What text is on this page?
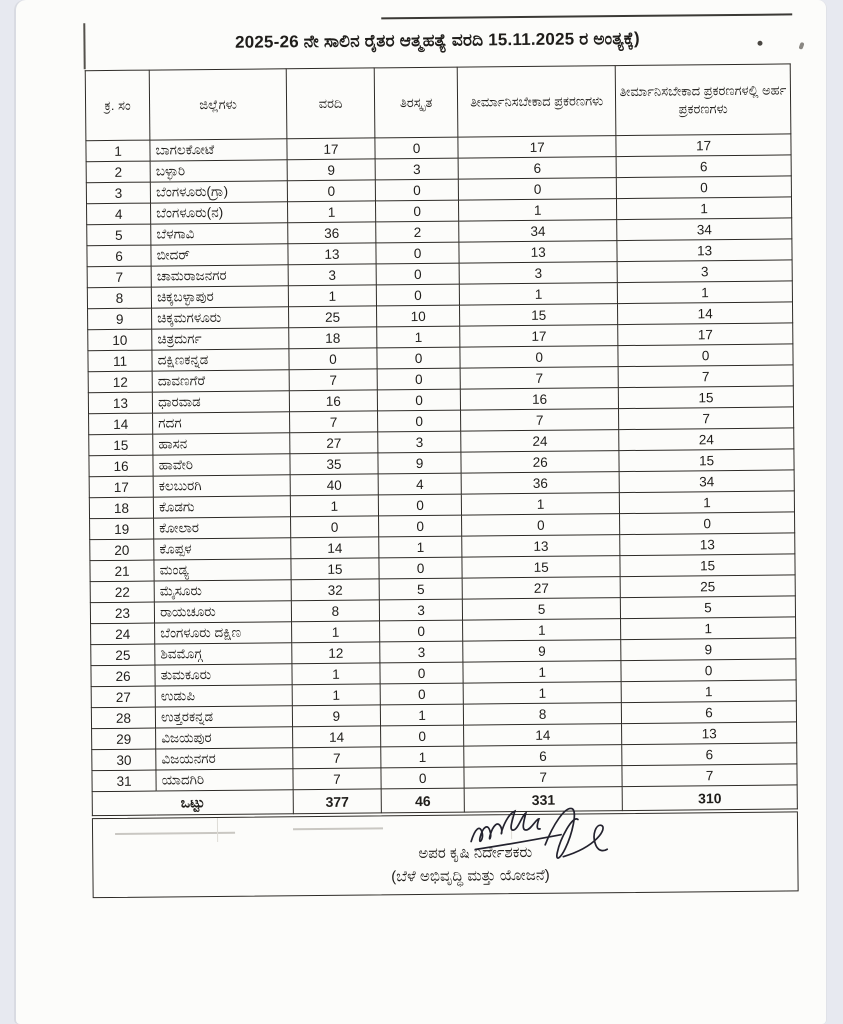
2025-26 ನೇ ಸಾಲಿನ ರೈತರ ಆತ್ಮಹತ್ಯೆ ವರದಿ 15.11.2025 ರ ಅಂತ್ಯಕ್ಕೆ)
ಕ್ರ. ಸಂ	ಜಿಲ್ಲೆಗಳು	ವರದಿ	ತಿರಸ್ಕೃತ	ತೀರ್ಮಾನಿಸಬೇಕಾದ ಪ್ರಕರಣಗಳು	ತೀರ್ಮಾನಿಸಬೇಕಾದ ಪ್ರಕರಣಗಳಲ್ಲಿ ಅರ್ಹ ಪ್ರಕರಣಗಳು
1	ಬಾಗಲಕೋಟೆ	17	0	17	17
2	ಬಳ್ಳಾರಿ	9	3	6	6
3	ಬೆಂಗಳೂರು(ಗ್ರಾ)	0	0	0	0
4	ಬೆಂಗಳೂರು(ನ)	1	0	1	1
5	ಬೆಳಗಾವಿ	36	2	34	34
6	ಬೀದರ್	13	0	13	13
7	ಚಾಮರಾಜನಗರ	3	0	3	3
8	ಚಿಕ್ಕಬಳ್ಳಾಪುರ	1	0	1	1
9	ಚಿಕ್ಕಮಗಳೂರು	25	10	15	14
10	ಚಿತ್ರದುರ್ಗ	18	1	17	17
11	ದಕ್ಷಿಣಕನ್ನಡ	0	0	0	0
12	ದಾವಣಗೆರೆ	7	0	7	7
13	ಧಾರವಾಡ	16	0	16	15
14	ಗದಗ	7	0	7	7
15	ಹಾಸನ	27	3	24	24
16	ಹಾವೇರಿ	35	9	26	15
17	ಕಲಬುರಗಿ	40	4	36	34
18	ಕೊಡಗು	1	0	1	1
19	ಕೋಲಾರ	0	0	0	0
20	ಕೊಪ್ಪಳ	14	1	13	13
21	ಮಂಡ್ಯ	15	0	15	15
22	ಮೈಸೂರು	32	5	27	25
23	ರಾಯಚೂರು	8	3	5	5
24	ಬೆಂಗಳೂರು ದಕ್ಷಿಣ	1	0	1	1
25	ಶಿವಮೊಗ್ಗ	12	3	9	9
26	ತುಮಕೂರು	1	0	1	0
27	ಉಡುಪಿ	1	0	1	1
28	ಉತ್ತರಕನ್ನಡ	9	1	8	6
29	ವಿಜಯಪುರ	14	0	14	13
30	ವಿಜಯನಗರ	7	1	6	6
31	ಯಾದಗಿರಿ	7	0	7	7
ಒಟ್ಟು		377	46	331	310
ಅಪರ ಕೃಷಿ ನಿರ್ದೇಶಕರು
(ಬೆಳೆ ಅಭಿವೃದ್ಧಿ ಮತ್ತು ಯೋಜನೆ)
